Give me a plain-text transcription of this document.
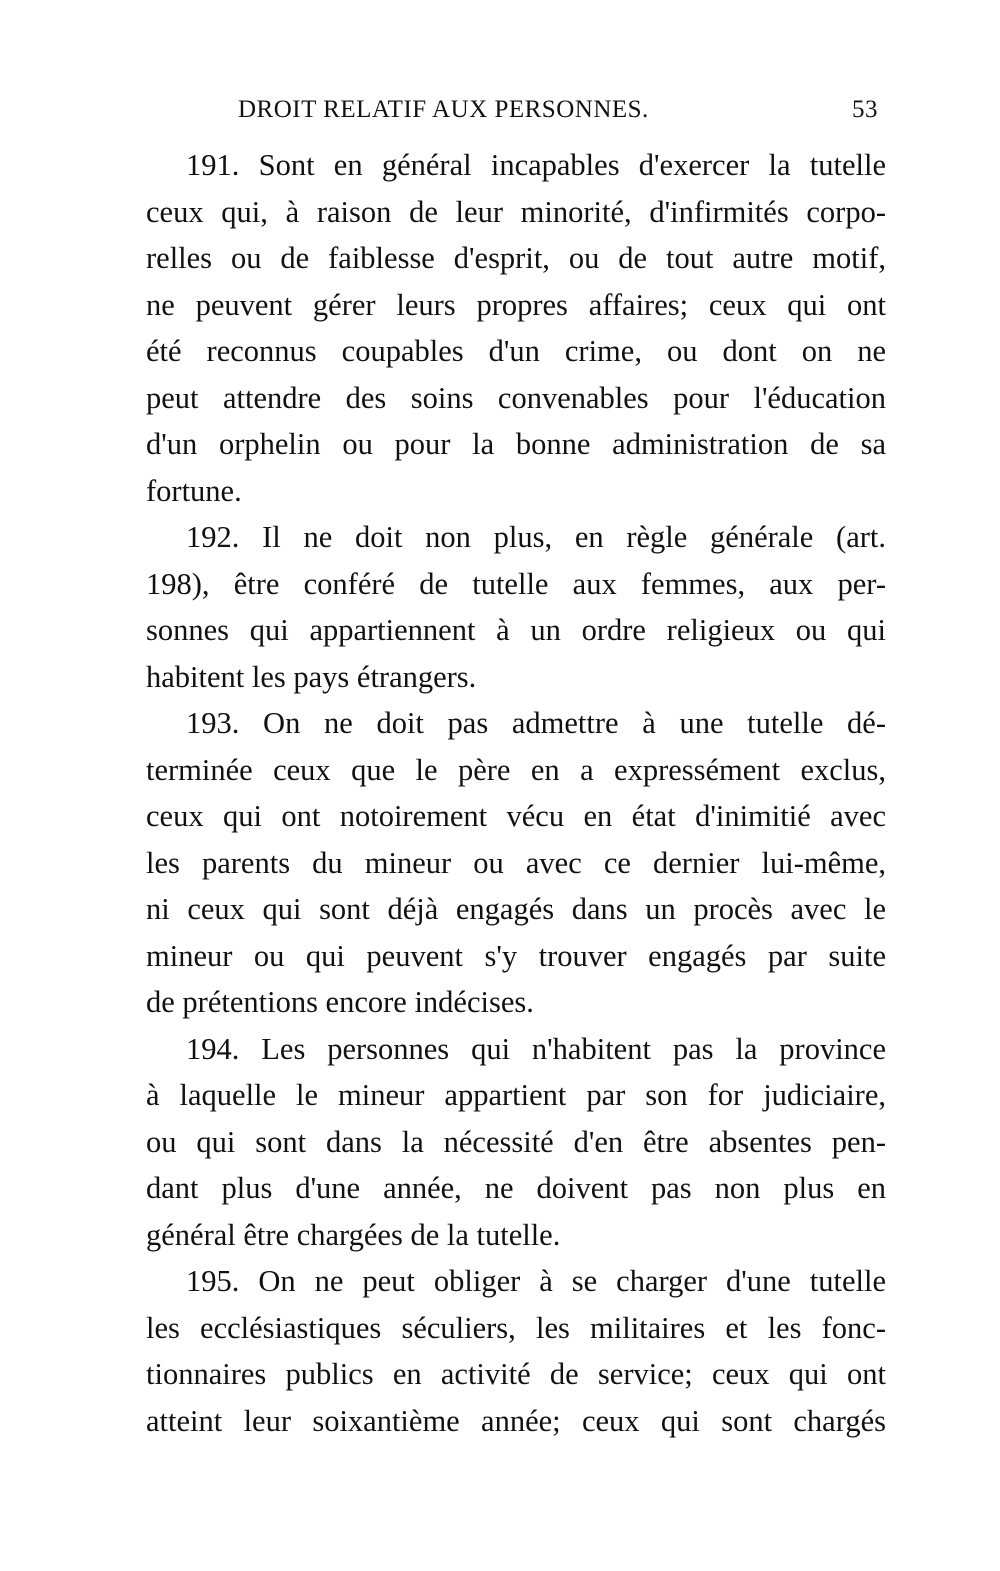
DROIT RELATIF AUX PERSONNES.	53
191. Sont en général incapables d'exercer la tutelle
ceux qui, à raison de leur minorité, d'infirmités corpo-
relles ou de faiblesse d'esprit, ou de tout autre motif,
ne peuvent gérer leurs propres affaires; ceux qui ont
été reconnus coupables d'un crime, ou dont on ne
peut attendre des soins convenables pour l'éducation
d'un orphelin ou pour la bonne administration de sa
fortune.
192. Il ne doit non plus, en règle générale (art.
198), être conféré de tutelle aux femmes, aux per-
sonnes qui appartiennent à un ordre religieux ou qui
habitent les pays étrangers.
193. On ne doit pas admettre à une tutelle dé-
terminée ceux que le père en a expressément exclus,
ceux qui ont notoirement vécu en état d'inimitié avec
les parents du mineur ou avec ce dernier lui-même,
ni ceux qui sont déjà engagés dans un procès avec le
mineur ou qui peuvent s'y trouver engagés par suite
de prétentions encore indécises.
194. Les personnes qui n'habitent pas la province
à laquelle le mineur appartient par son for judiciaire,
ou qui sont dans la nécessité d'en être absentes pen-
dant plus d'une année, ne doivent pas non plus en
général être chargées de la tutelle.
195. On ne peut obliger à se charger d'une tutelle
les ecclésiastiques séculiers, les militaires et les fonc-
tionnaires publics en activité de service; ceux qui ont
atteint leur soixantième année; ceux qui sont chargés
